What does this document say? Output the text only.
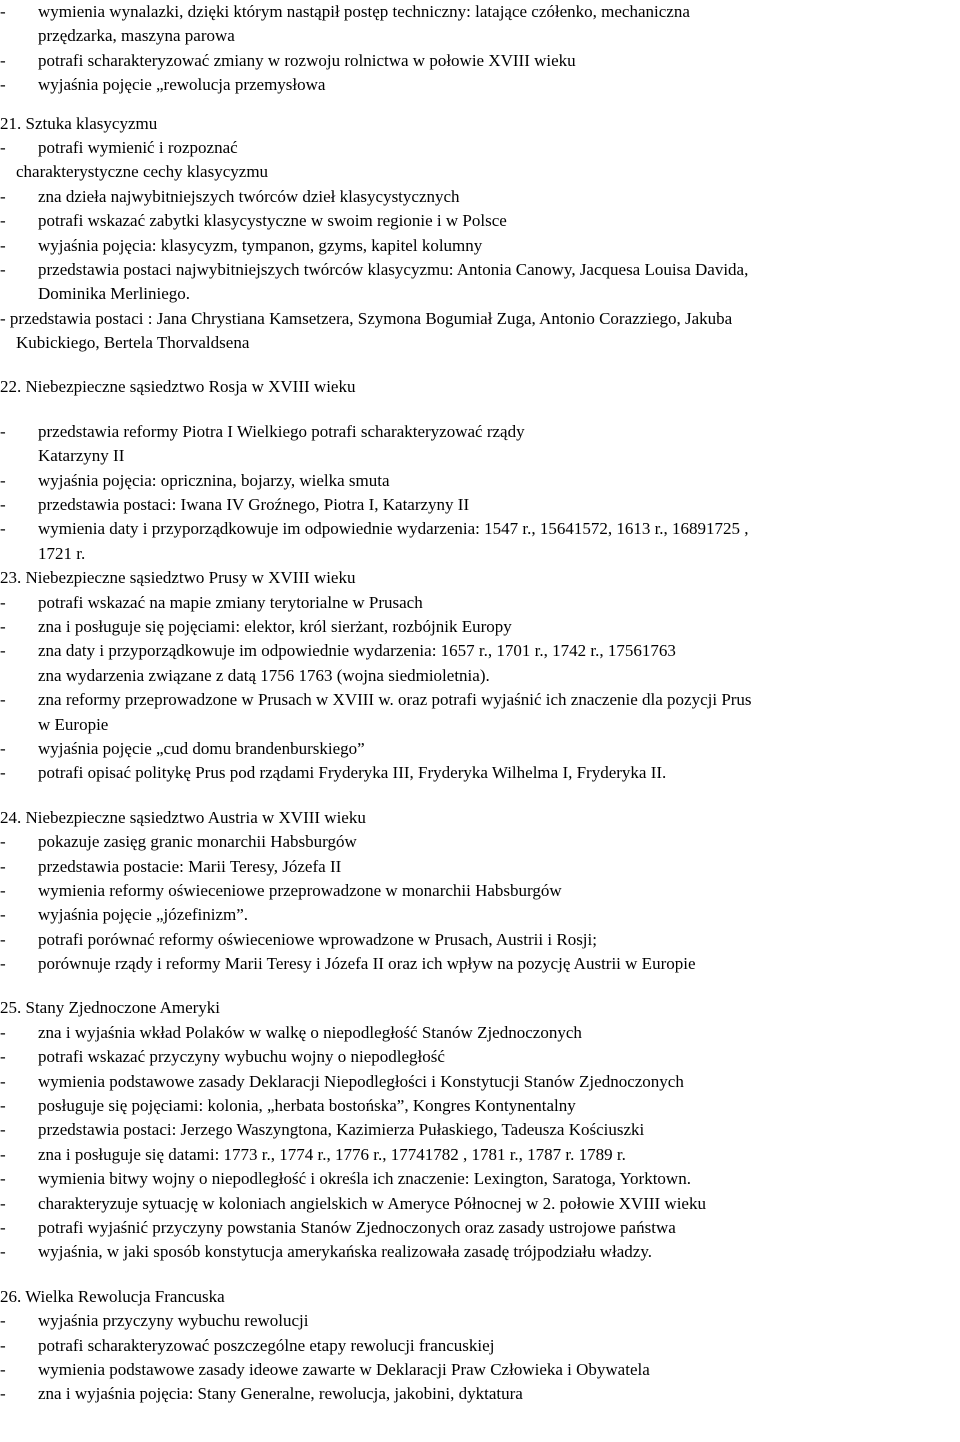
- wymienia wynalazki, dzięki którym nastąpił postęp techniczny: latające czółenko, mechaniczna
przędzarka, maszyna parowa
- potrafi scharakteryzować zmiany w rozwoju rolnictwa w połowie XVIII wieku
- wyjaśnia pojęcie „rewolucja przemysłowa
21. Sztuka klasycyzmu
- potrafi wymienić i rozpoznać
charakterystyczne cechy klasycyzmu
- zna dzieła najwybitniejszych twórców dzieł klasycystycznych
- potrafi wskazać zabytki klasycystyczne w swoim regionie i w Polsce
- wyjaśnia pojęcia: klasycyzm, tympanon, gzyms, kapitel kolumny
- przedstawia postaci najwybitniejszych twórców klasycyzmu: Antonia Canowy, Jacquesa Louisa Davida,
Dominika Merliniego.
- przedstawia postaci : Jana Chrystiana Kamsetzera, Szymona Bogumiał Zuga, Antonio Corazziego, Jakuba
Kubickiego, Bertela Thorvaldsena
22. Niebezpieczne sąsiedztwo Rosja w XVIII wieku
- przedstawia reformy Piotra I Wielkiego potrafi scharakteryzować rządy
Katarzyny II
- wyjaśnia pojęcia: opricznina, bojarzy, wielka smuta
- przedstawia postaci: Iwana IV Groźnego, Piotra I, Katarzyny II
- wymienia daty i przyporządkowuje im odpowiednie wydarzenia: 1547 r., 15641572, 1613 r., 16891725 ,
1721 r.
23. Niebezpieczne sąsiedztwo Prusy w XVIII wieku
- potrafi wskazać na mapie zmiany terytorialne w Prusach
- zna i posługuje się pojęciami: elektor, król sierżant, rozbójnik Europy
- zna daty i przyporządkowuje im odpowiednie wydarzenia: 1657 r., 1701 r., 1742 r., 17561763
zna wydarzenia związane z datą 1756 1763 (wojna siedmioletnia).
- zna reformy przeprowadzone w Prusach w XVIII w. oraz potrafi wyjaśnić ich znaczenie dla pozycji Prus
w Europie
- wyjaśnia pojęcie „cud domu brandenburskiego”
- potrafi opisać politykę Prus pod rządami Fryderyka III, Fryderyka Wilhelma I, Fryderyka II.
24. Niebezpieczne sąsiedztwo Austria w XVIII wieku
- pokazuje zasięg granic monarchii Habsburgów
- przedstawia postacie: Marii Teresy, Józefa II
- wymienia reformy oświeceniowe przeprowadzone w monarchii Habsburgów
- wyjaśnia pojęcie „józefinizm”.
- potrafi porównać reformy oświeceniowe wprowadzone w Prusach, Austrii i Rosji;
- porównuje rządy i reformy Marii Teresy i Józefa II oraz ich wpływ na pozycję Austrii w Europie
25. Stany Zjednoczone Ameryki
- zna i wyjaśnia wkład Polaków w walkę o niepodległość Stanów Zjednoczonych
- potrafi wskazać przyczyny wybuchu wojny o niepodległość
- wymienia podstawowe zasady Deklaracji Niepodległości i Konstytucji Stanów Zjednoczonych
- posługuje się pojęciami: kolonia, „herbata bostońska”, Kongres Kontynentalny
- przedstawia postaci: Jerzego Waszyngtona, Kazimierza Pułaskiego, Tadeusza Kościuszki
- zna i posługuje się datami: 1773 r., 1774 r., 1776 r., 17741782 , 1781 r., 1787 r. 1789 r.
- wymienia bitwy wojny o niepodległość i określa ich znaczenie: Lexington, Saratoga, Yorktown.
- charakteryzuje sytuację w koloniach angielskich w Ameryce Północnej w 2. połowie XVIII wieku
- potrafi wyjaśnić przyczyny powstania Stanów Zjednoczonych oraz zasady ustrojowe państwa
- wyjaśnia, w jaki sposób konstytucja amerykańska realizowała zasadę trójpodziału władzy.
26. Wielka Rewolucja Francuska
- wyjaśnia przyczyny wybuchu rewolucji
- potrafi scharakteryzować poszczególne etapy rewolucji francuskiej
- wymienia podstawowe zasady ideowe zawarte w Deklaracji Praw Człowieka i Obywatela
- zna i wyjaśnia pojęcia: Stany Generalne, rewolucja, jakobini, dyktatura
